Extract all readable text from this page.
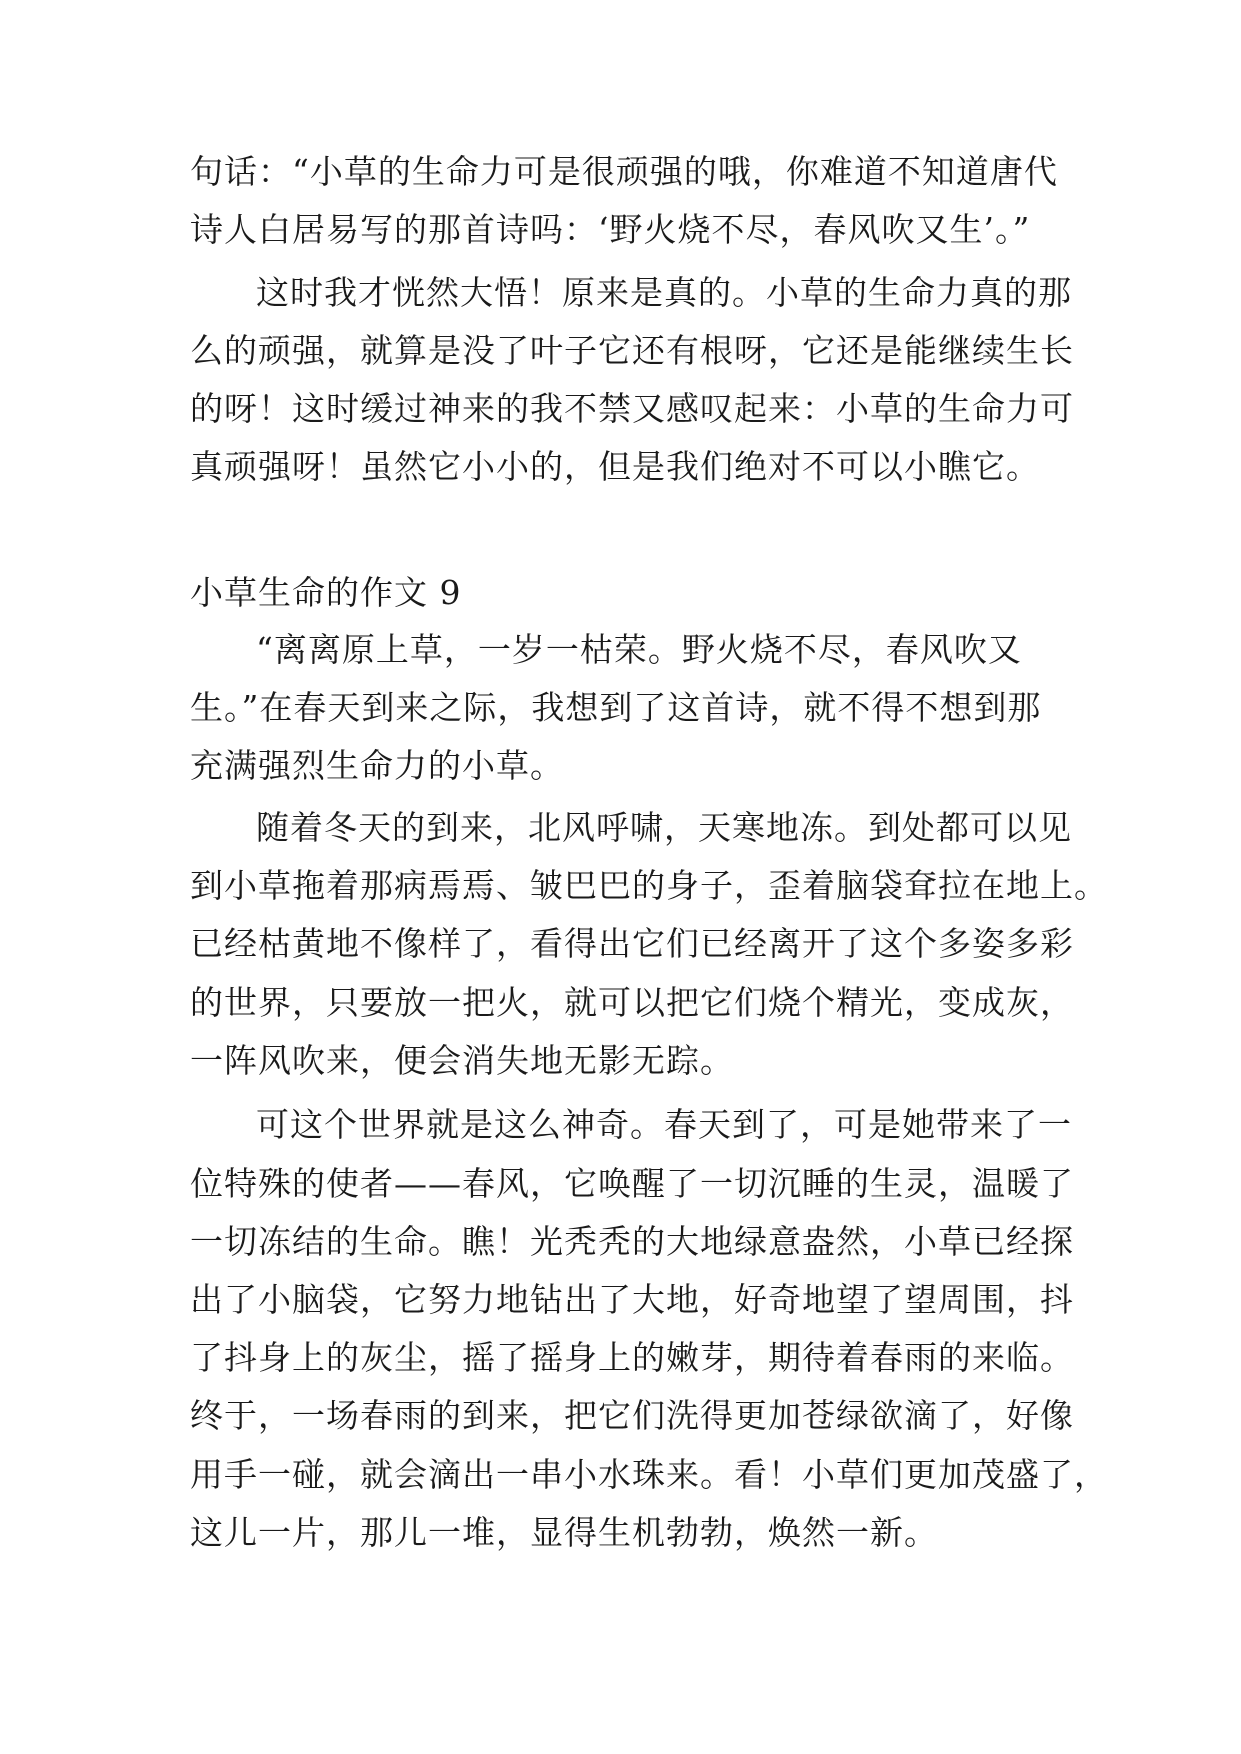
句话：“小草的生命力可是很顽强的哦，你难道不知道唐代
诗人白居易写的那首诗吗：‘野火烧不尽，春风吹又生’。”
这时我才恍然大悟！原来是真的。小草的生命力真的那
么的顽强，就算是没了叶子它还有根呀，它还是能继续生长
的呀！这时缓过神来的我不禁又感叹起来：小草的生命力可
真顽强呀！虽然它小小的，但是我们绝对不可以小瞧它。
小草生命的作文 9
“离离原上草，一岁一枯荣。野火烧不尽，春风吹又
生。”在春天到来之际，我想到了这首诗，就不得不想到那
充满强烈生命力的小草。
随着冬天的到来，北风呼啸，天寒地冻。到处都可以见
到小草拖着那病焉焉、皱巴巴的身子，歪着脑袋耷拉在地上。
已经枯黄地不像样了，看得出它们已经离开了这个多姿多彩
的世界，只要放一把火，就可以把它们烧个精光，变成灰，
一阵风吹来，便会消失地无影无踪。
可这个世界就是这么神奇。春天到了，可是她带来了一
位特殊的使者——春风，它唤醒了一切沉睡的生灵，温暖了
一切冻结的生命。瞧！光秃秃的大地绿意盎然，小草已经探
出了小脑袋，它努力地钻出了大地，好奇地望了望周围，抖
了抖身上的灰尘，摇了摇身上的嫩芽，期待着春雨的来临。
终于，一场春雨的到来，把它们洗得更加苍绿欲滴了，好像
用手一碰，就会滴出一串小水珠来。看！小草们更加茂盛了，
这儿一片，那儿一堆，显得生机勃勃，焕然一新。
